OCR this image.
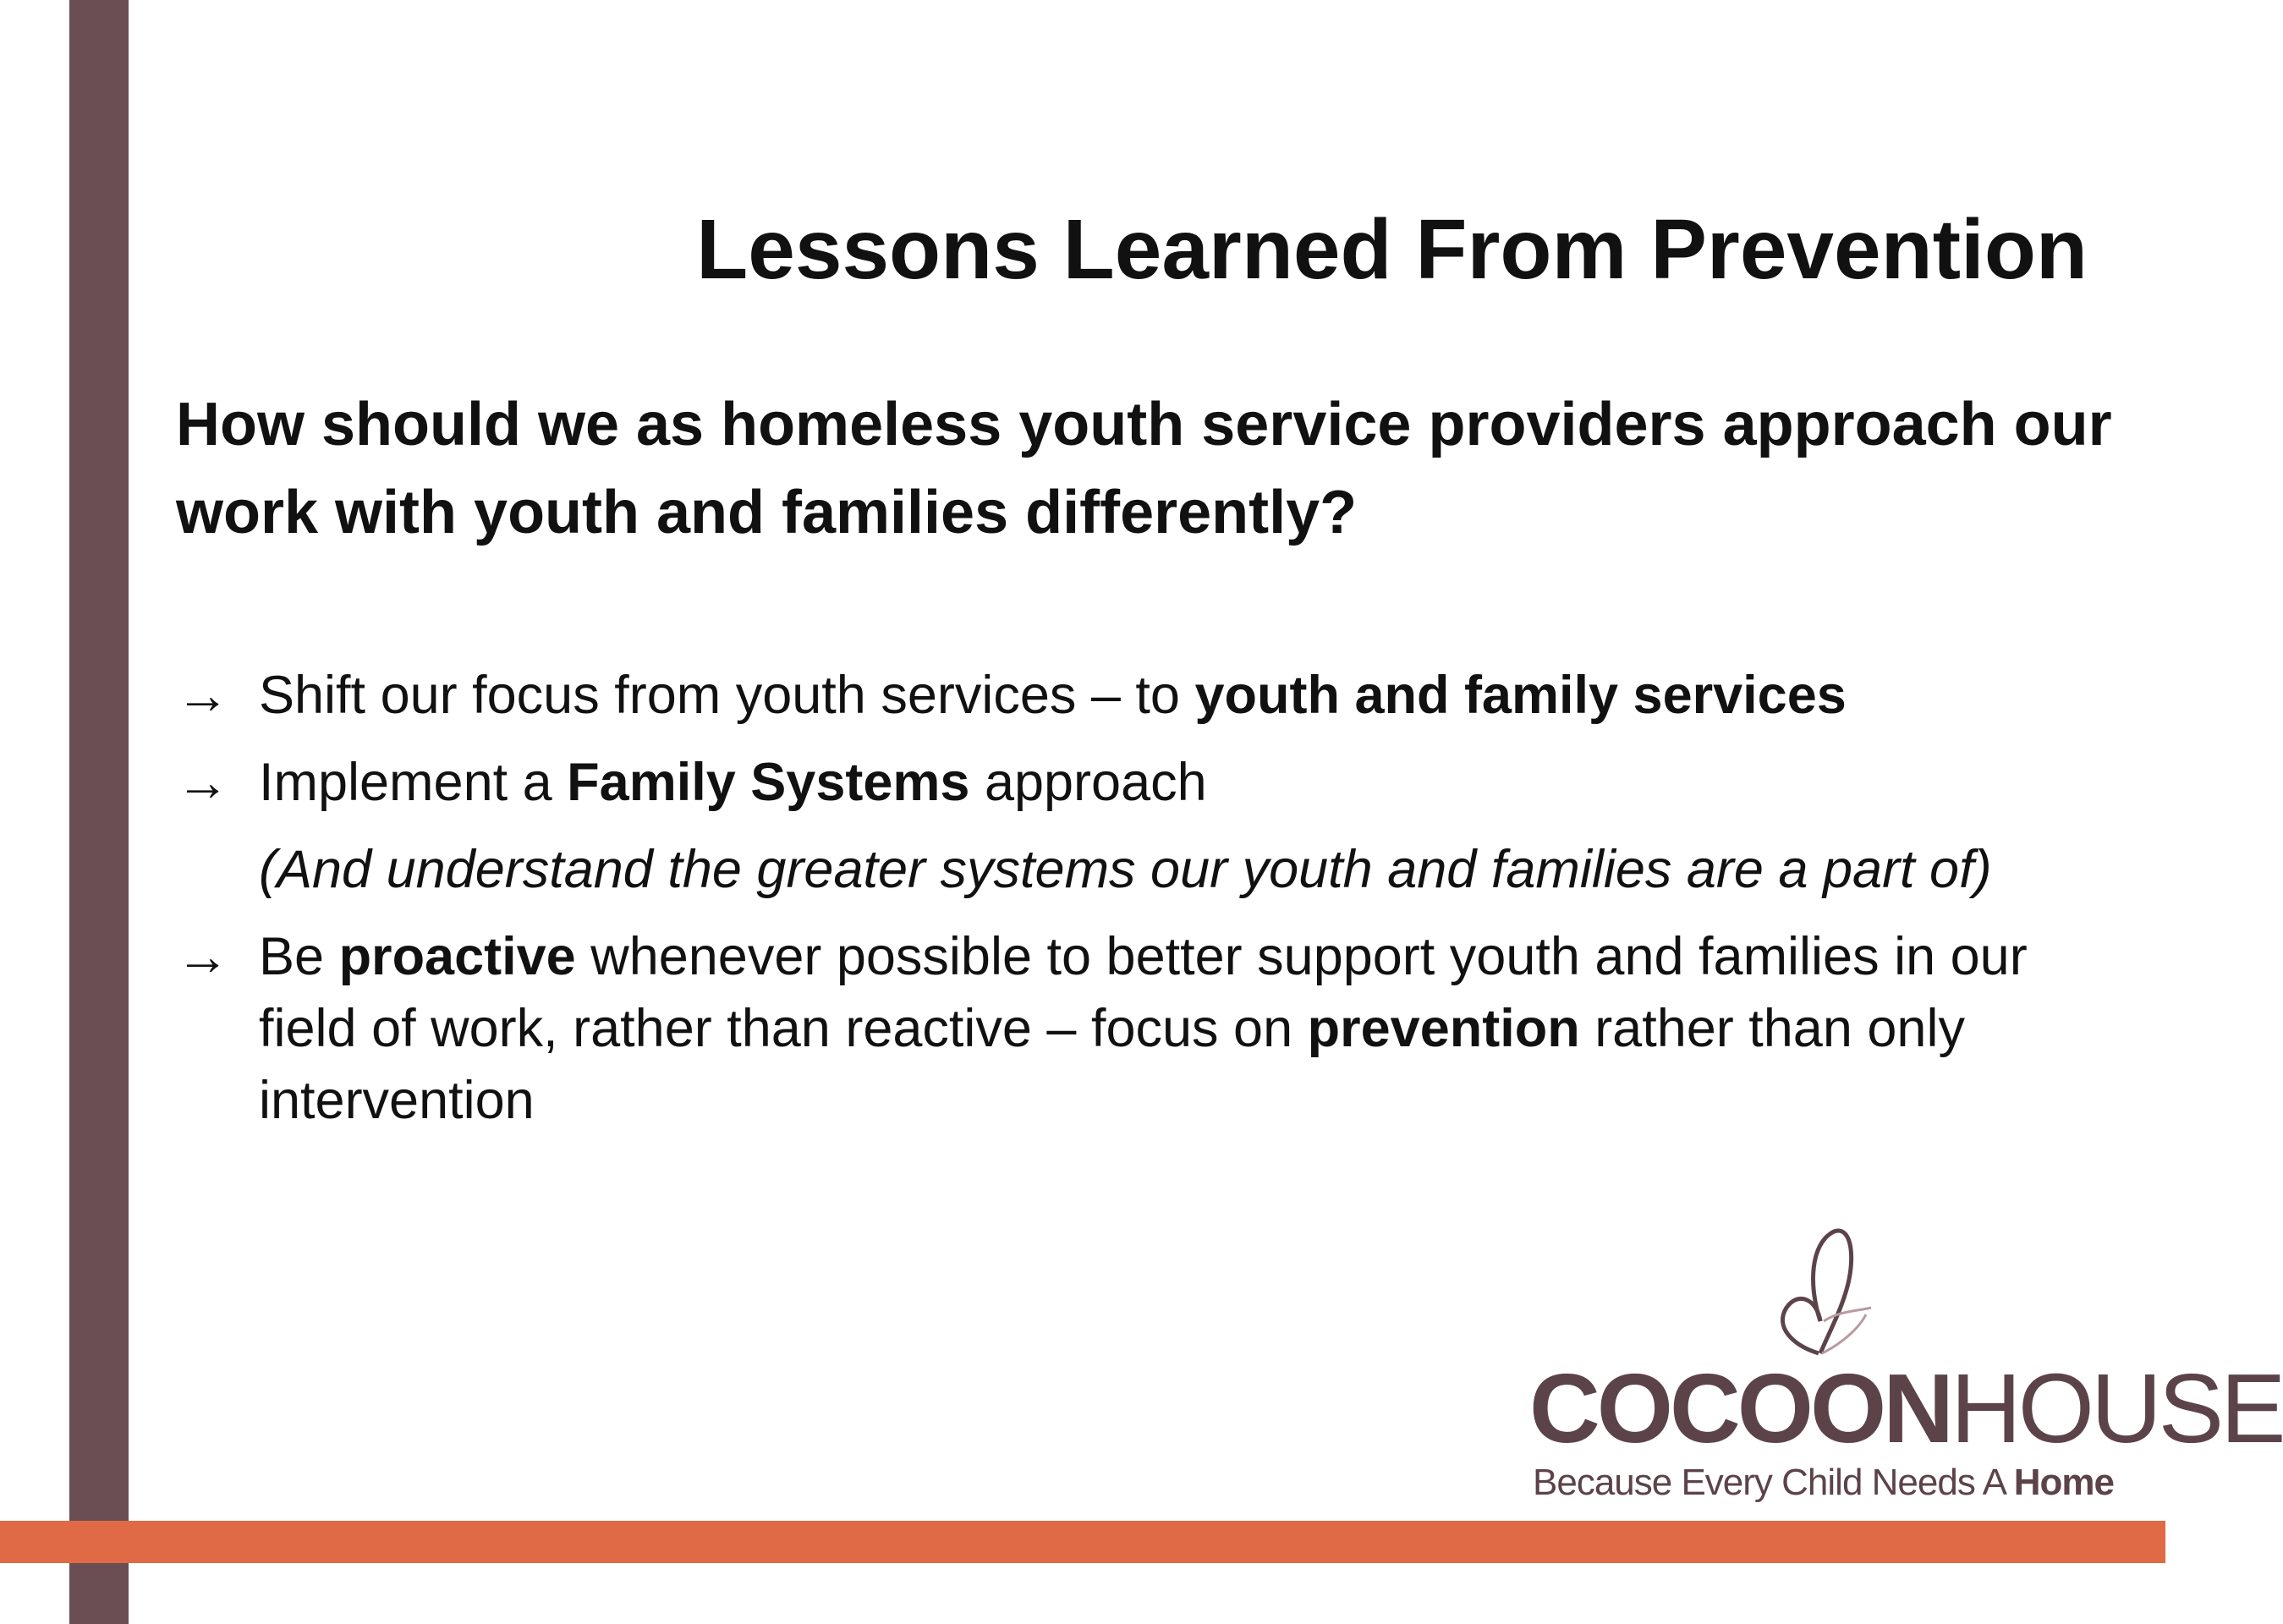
Lessons Learned From Prevention
How should we as homeless youth service providers approach our work with youth and families differently?
→ Shift our focus from youth services – to youth and family services
→ Implement a Family Systems approach
(And understand the greater systems our youth and families are a part of)
→ Be proactive whenever possible to better support youth and families in our field of work, rather than reactive – focus on prevention rather than only intervention
COCOONHOUSE
Because Every Child Needs A Home
